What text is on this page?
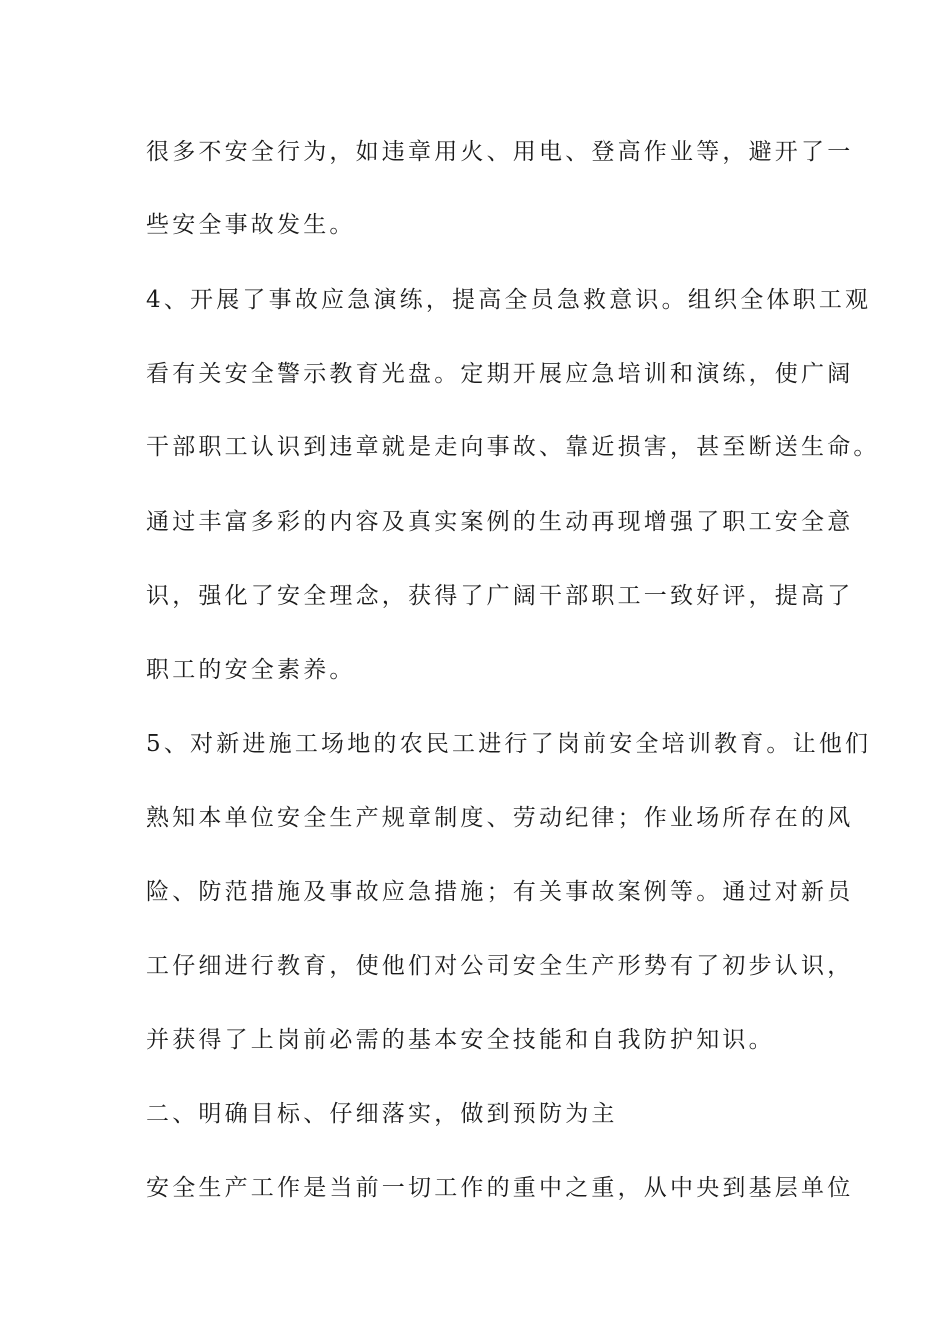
很多不安全行为，如违章用火、用电、登高作业等，避开了一
些安全事故发生。
4、开展了事故应急演练，提高全员急救意识。组织全体职工观
看有关安全警示教育光盘。定期开展应急培训和演练，使广阔
干部职工认识到违章就是走向事故、靠近损害，甚至断送生命。
通过丰富多彩的内容及真实案例的生动再现增强了职工安全意
识，强化了安全理念，获得了广阔干部职工一致好评，提高了
职工的安全素养。
5、对新进施工场地的农民工进行了岗前安全培训教育。让他们
熟知本单位安全生产规章制度、劳动纪律；作业场所存在的风
险、防范措施及事故应急措施；有关事故案例等。通过对新员
工仔细进行教育，使他们对公司安全生产形势有了初步认识，
并获得了上岗前必需的基本安全技能和自我防护知识。
二、明确目标、仔细落实，做到预防为主
安全生产工作是当前一切工作的重中之重，从中央到基层单位
